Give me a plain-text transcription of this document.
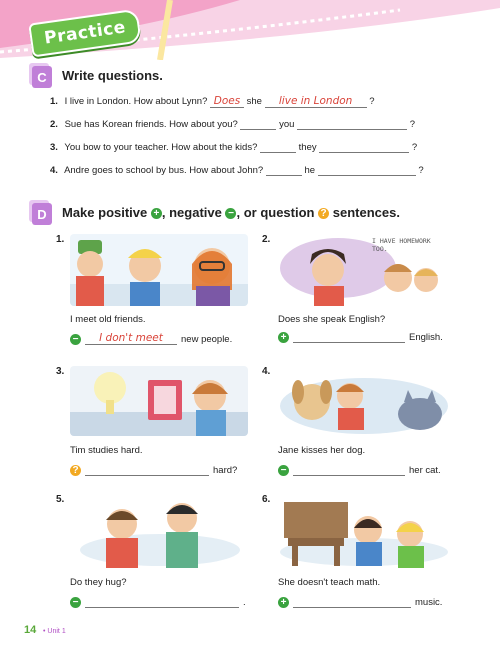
Practice
C	Write questions.
1. I live in London. How about Lynn? Does she live in London ?
2. Sue has Korean friends. How about you?	you	?
3. You bow to your teacher. How about the kids?	they	?
4. Andre goes to school by bus. How about John?	he	?
D	Make positive + , negative − , or question ? sentences.
1.
I meet old friends.
−	I don't meet	new people.
2.	I HAVE HOMEWORK TOO.
Does she speak English?
+	English.
3.
Tim studies hard.
?	hard?
4.
Jane kisses her dog.
−	her cat.
5.
Do they hug?
−	.
6.
She doesn't teach math.
+	music.
14 • Unit 1
